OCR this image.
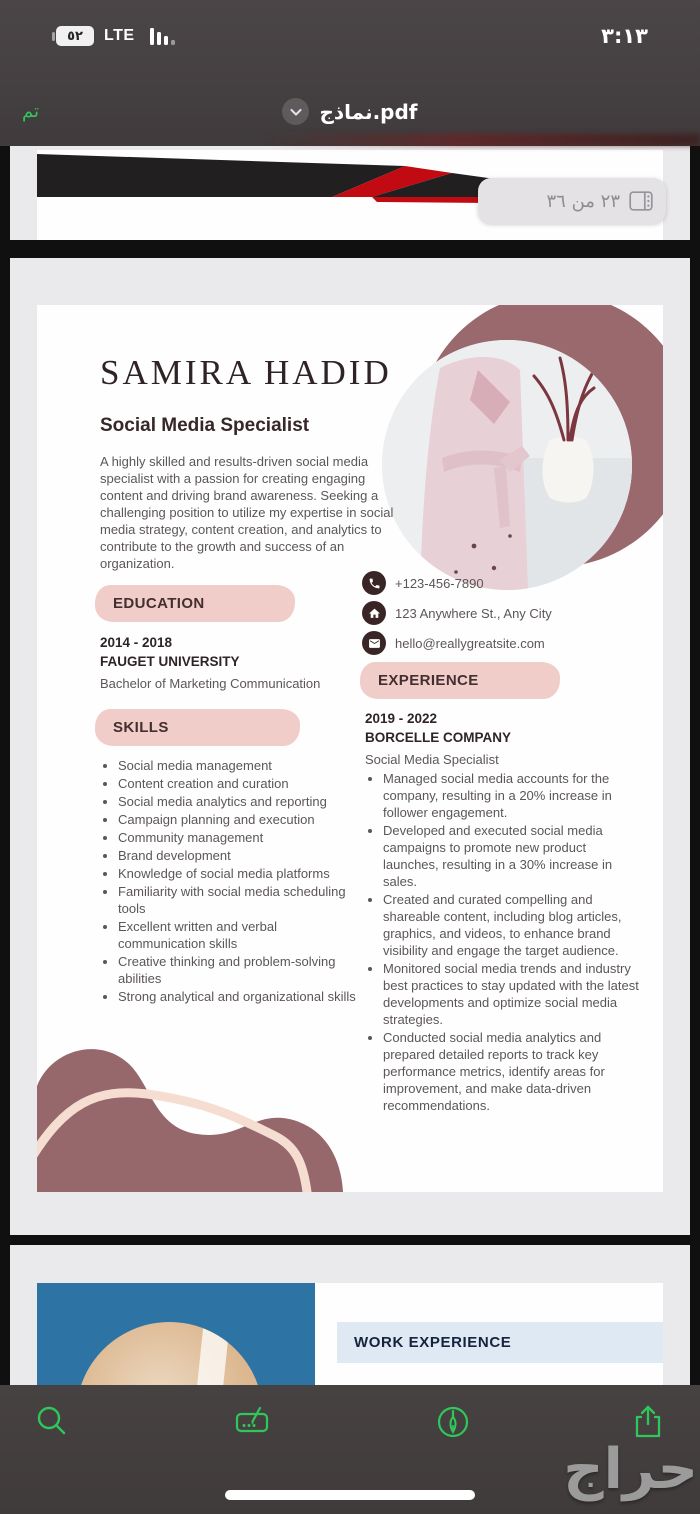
٥٢	LTE	٣:١٣
تم	نماذج.pdf
٢٣ من ٣٦
SAMIRA HADID
Social Media Specialist
A highly skilled and results-driven social media specialist with a passion for creating engaging content and driving brand awareness. Seeking a challenging position to utilize my expertise in social media strategy, content creation, and analytics to contribute to the growth and success of an organization.
+123-456-7890
123 Anywhere St., Any City
hello@reallygreatsite.com
EDUCATION
2014 - 2018
FAUGET UNIVERSITY
Bachelor of Marketing Communication
SKILLS
• Social media management
• Content creation and curation
• Social media analytics and reporting
• Campaign planning and execution
• Community management
• Brand development
• Knowledge of social media platforms
• Familiarity with social media scheduling tools
• Excellent written and verbal communication skills
• Creative thinking and problem-solving abilities
• Strong analytical and organizational skills
EXPERIENCE
2019 - 2022
BORCELLE COMPANY
Social Media Specialist
• Managed social media accounts for the company, resulting in a 20% increase in follower engagement.
• Developed and executed social media campaigns to promote new product launches, resulting in a 30% increase in sales.
• Created and curated compelling and shareable content, including blog articles, graphics, and videos, to enhance brand visibility and engage the target audience.
• Monitored social media trends and industry best practices to stay updated with the latest developments and optimize social media strategies.
• Conducted social media analytics and prepared detailed reports to track key performance metrics, identify areas for improvement, and make data-driven recommendations.
WORK EXPERIENCE
حراج
